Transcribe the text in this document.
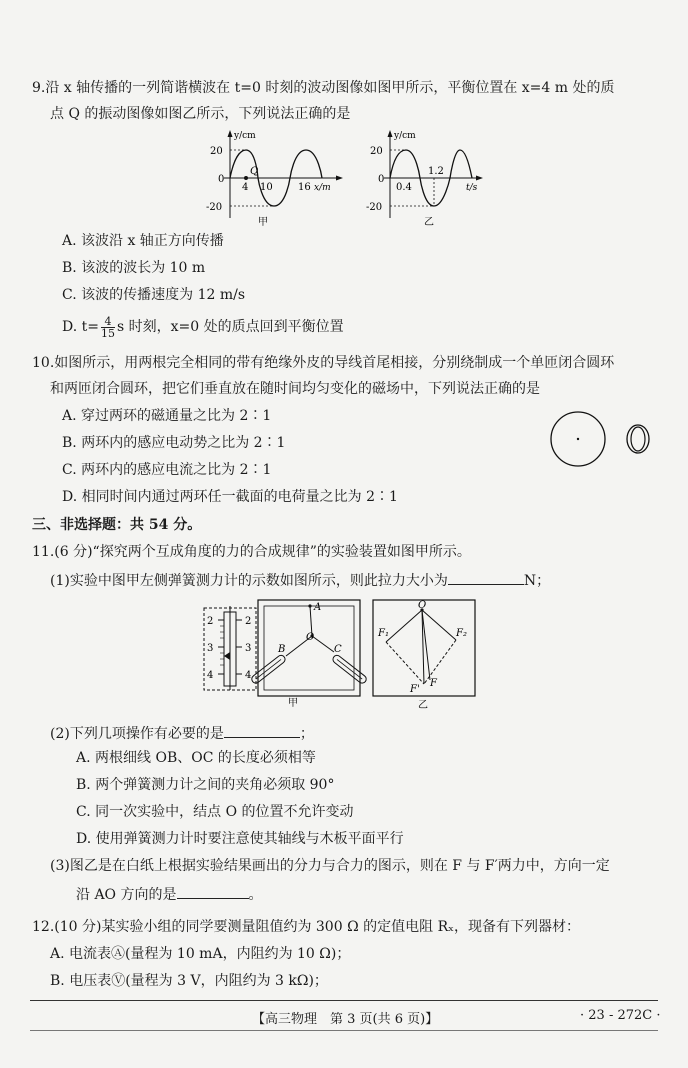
9.沿 x 轴传播的一列简谐横波在 t=0 时刻的波动图像如图甲所示，平衡位置在 x=4 m 处的质
点 Q 的振动图像如图乙所示，下列说法正确的是
y/cm
20
0
-20
Q
4 10	16 x/m
甲
y/cm
20
0
-20
0.4
1.2
t/s
乙
A. 该波沿 x 轴正方向传播
B. 该波的波长为 10 m
C. 该波的传播速度为 12 m/s
D. $t= \frac{4}{15}$ s 时刻，x=0 处的质点回到平衡位置
10.如图所示，用两根完全相同的带有绝缘外皮的导线首尾相接，分别绕制成一个单匝闭合圆环
和两匝闭合圆环，把它们垂直放在随时间均匀变化的磁场中，下列说法正确的是
A. 穿过两环的磁通量之比为 2∶1
B. 两环内的感应电动势之比为 2∶1
C. 两环内的感应电流之比为 2∶1
D. 相同时间内通过两环任一截面的电荷量之比为 2∶1
三、非选择题：共 54 分。
11.(6 分)“探究两个互成角度的力的合成规律”的实验装置如图甲所示。
(1)实验中图甲左侧弹簧测力计的示数如图所示，则此拉力大小为	N；
2
3
4
2
3
4
A
O
B	C
甲
O
F₁	F₂
F'
F
乙
(2)下列几项操作有必要的是	；
A. 两根细线 OB、OC 的长度必须相等
B. 两个弹簧测力计之间的夹角必须取 90°
C. 同一次实验中，结点 O 的位置不允许变动
D. 使用弹簧测力计时要注意使其轴线与木板平面平行
(3)图乙是在白纸上根据实验结果画出的分力与合力的图示，则在 F 与 F′两力中，方向一定
沿 AO 方向的是	。
12.(10 分)某实验小组的同学要测量阻值约为 300 Ω 的定值电阻 Rₓ，现备有下列器材：
A. 电流表Ⓐ(量程为 10 mA，内阻约为 10 Ω)；
B. 电压表Ⓥ(量程为 3 V，内阻约为 3 kΩ)；
【高三物理　第 3 页(共 6 页)】	· 23 - 272C ·
